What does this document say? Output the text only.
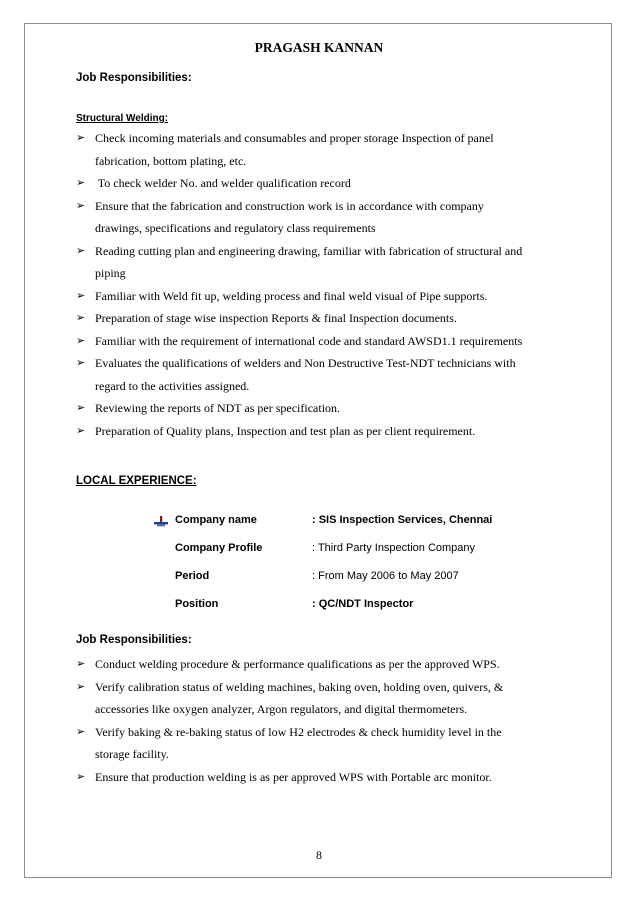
PRAGASH KANNAN
Job Responsibilities:
Structural Welding:
➢ Check incoming materials and consumables and proper storage Inspection of panel
fabrication, bottom plating, etc.
➢ To check welder No. and welder qualification record
➢ Ensure that the fabrication and construction work is in accordance with company
drawings, specifications and regulatory class requirements
➢ Reading cutting plan and engineering drawing, familiar with fabrication of structural and
piping
➢ Familiar with Weld fit up, welding process and final weld visual of Pipe supports.
➢ Preparation of stage wise inspection Reports & final Inspection documents.
➢ Familiar with the requirement of international code and standard AWSD1.1 requirements
➢ Evaluates the qualifications of welders and Non Destructive Test-NDT technicians with
regard to the activities assigned.
➢ Reviewing the reports of NDT as per specification.
➢ Preparation of Quality plans, Inspection and test plan as per client requirement.
LOCAL EXPERIENCE:
Company name	: SIS Inspection Services, Chennai
Company Profile	: Third Party Inspection Company
Period	: From May 2006 to May 2007
Position	: QC/NDT Inspector
Job Responsibilities:
➢ Conduct welding procedure & performance qualifications as per the approved WPS.
➢ Verify calibration status of welding machines, baking oven, holding oven, quivers, &
accessories like oxygen analyzer, Argon regulators, and digital thermometers.
➢ Verify baking & re-baking status of low H2 electrodes & check humidity level in the
storage facility.
➢ Ensure that production welding is as per approved WPS with Portable arc monitor.
8
